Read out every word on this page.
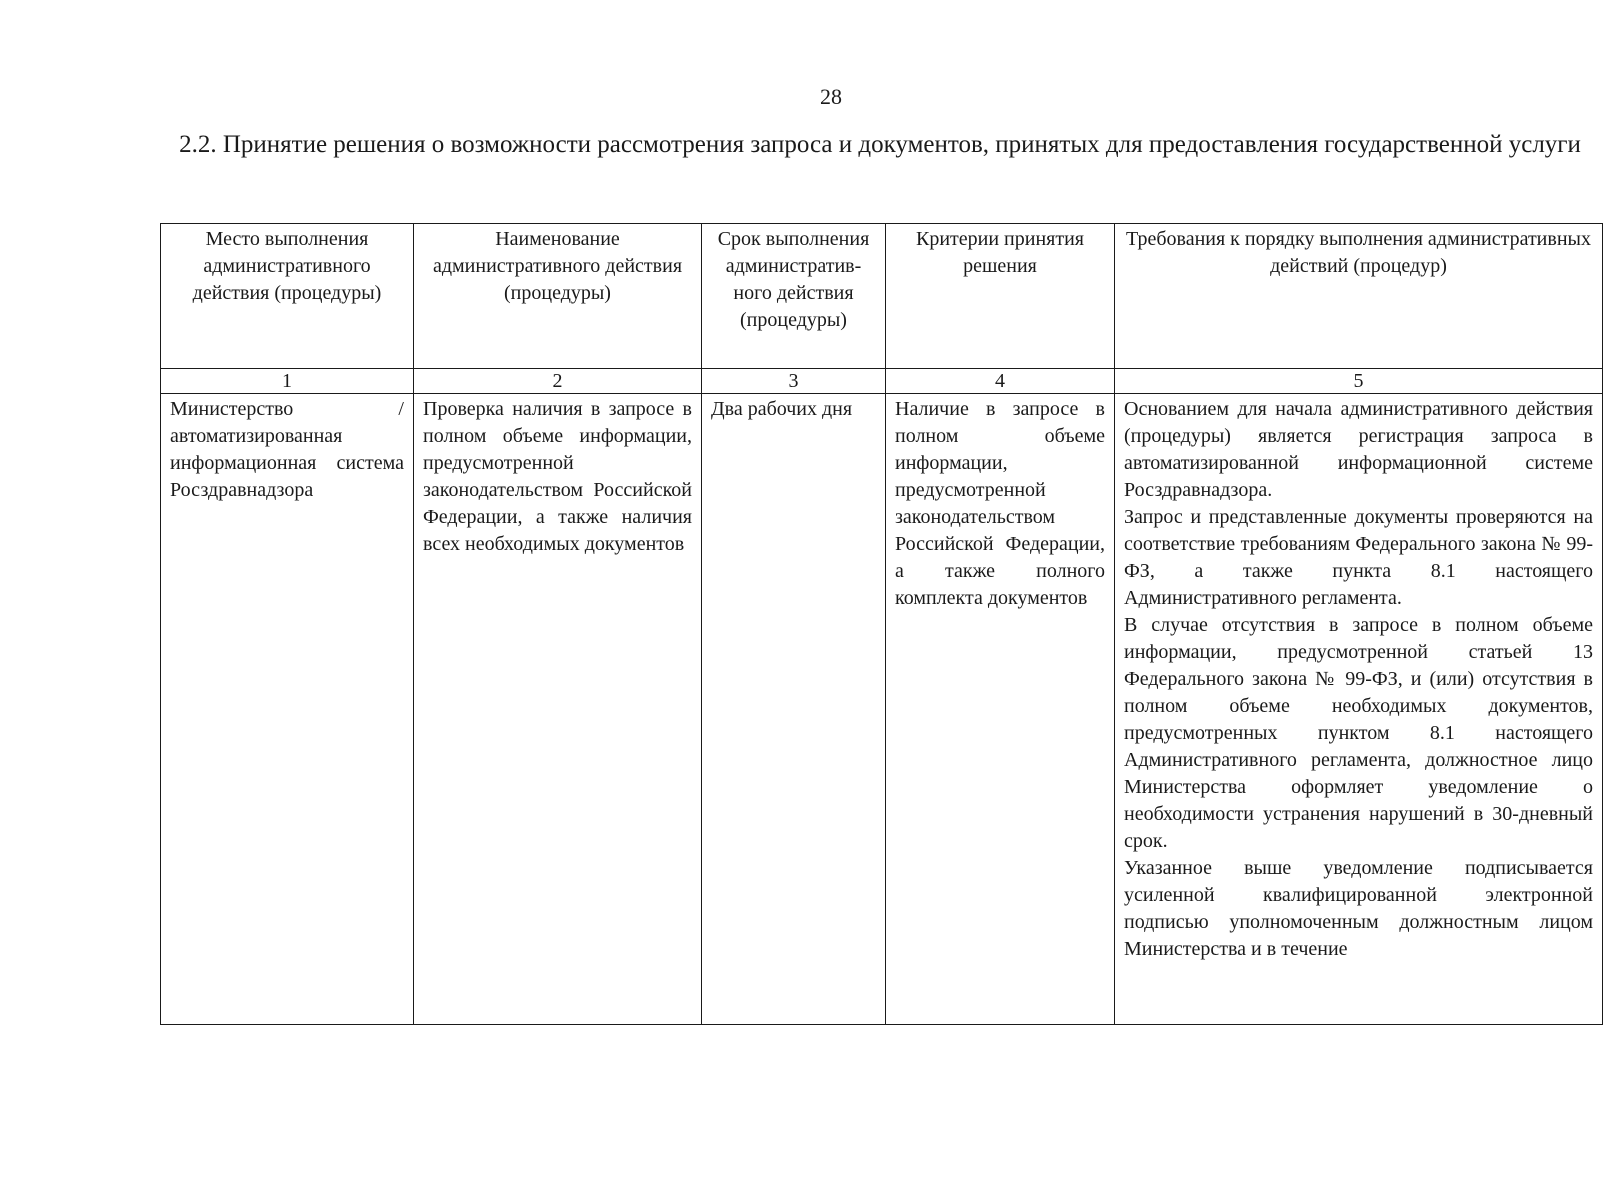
28
2.2. Принятие решения о возможности рассмотрения запроса и документов, принятых для предоставления государственной услуги
Место выполнения административного действия (процедуры)	Наименование административного действия (процедуры)	Срок выполнения административ-ного действия (процедуры)	Критерии принятия решения	Требования к порядку выполнения административных действий (процедур)
1	2	3	4	5
Министерство / автоматизированная информационная система Росздравнадзора	Проверка наличия в запросе в полном объеме информации, предусмотренной законодательством Российской Федерации, а также наличия всех необходимых документов	Два рабочих дня	Наличие в запросе в полном объеме информации, предусмотренной законодательством Российской Федерации, а также полного комплекта документов	Основанием для начала административного действия (процедуры) является регистрация запроса в автоматизированной информационной системе Росздравнадзора.
Запрос и представленные документы проверяются на соответствие требованиям Федерального закона № 99-ФЗ, а также пункта 8.1 настоящего Административного регламента.
В случае отсутствия в запросе в полном объеме информации, предусмотренной статьей 13 Федерального закона № 99-ФЗ, и (или) отсутствия в полном объеме необходимых документов, предусмотренных пунктом 8.1 настоящего Административного регламента, должностное лицо Министерства оформляет уведомление о необходимости устранения нарушений в 30-дневный срок.
Указанное выше уведомление подписывается усиленной квалифицированной электронной подписью уполномоченным должностным лицом Министерства и в течение
